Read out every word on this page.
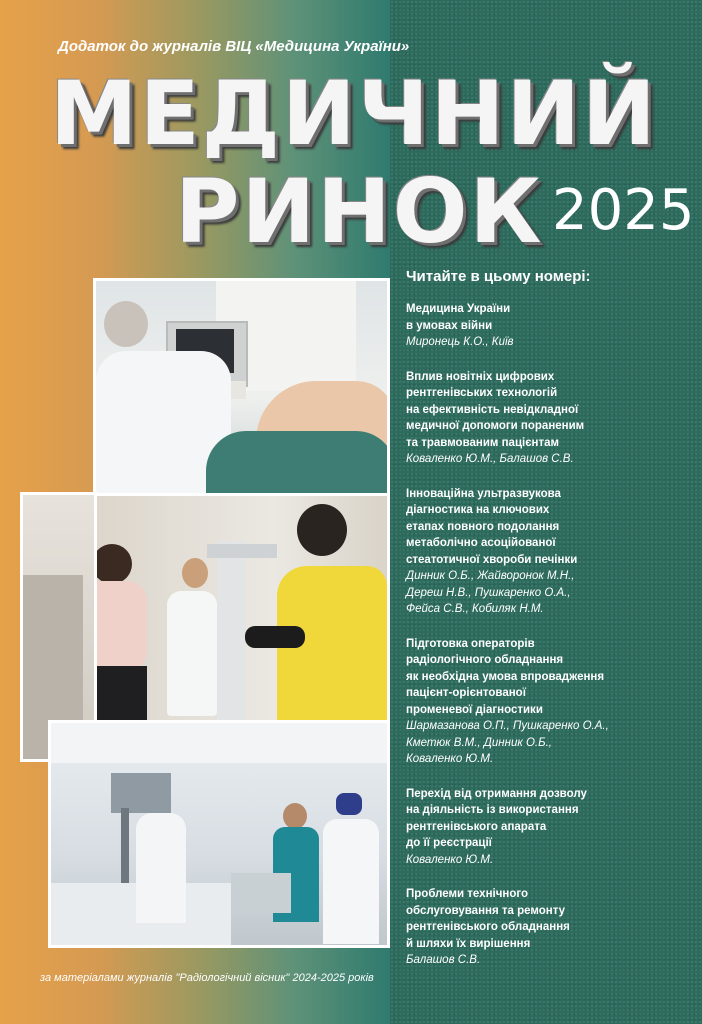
Додаток до журналів ВІЦ «Медицина України»
МЕДИЧНИЙ
РИНОК 2025
Читайте в цьому номері:
Медицина України
в умовах війни
Миронець К.О., Київ
Вплив новітніх цифрових
рентгенівських технологій
на ефективність невідкладної
медичної допомоги пораненим
та травмованим пацієнтам
Коваленко Ю.М., Балашов С.В.
Інноваційна ультразвукова
діагностика на ключових
етапах повного подолання
метаболічно асоційованої
стеатотичної хвороби печінки
Динник О.Б., Жайворонок М.Н.,
Дереш Н.В., Пушкаренко О.А.,
Фейса С.В., Кобиляк Н.М.
Підготовка операторів
радіологічного обладнання
як необхідна умова впровадження
пацієнт-орієнтованої
променевої діагностики
Шармазанова О.П., Пушкаренко О.А.,
Кметюк В.М., Динник О.Б.,
Коваленко Ю.М.
Перехід від отримання дозволу
на діяльність із використання
рентгенівського апарата
до її реєстрації
Коваленко Ю.М.
Проблеми технічного
обслуговування та ремонту
рентгенівського обладнання
й шляхи їх вирішення
Балашов С.В.
за матеріалами журналів "Радіологічний вісник" 2024-2025 років
